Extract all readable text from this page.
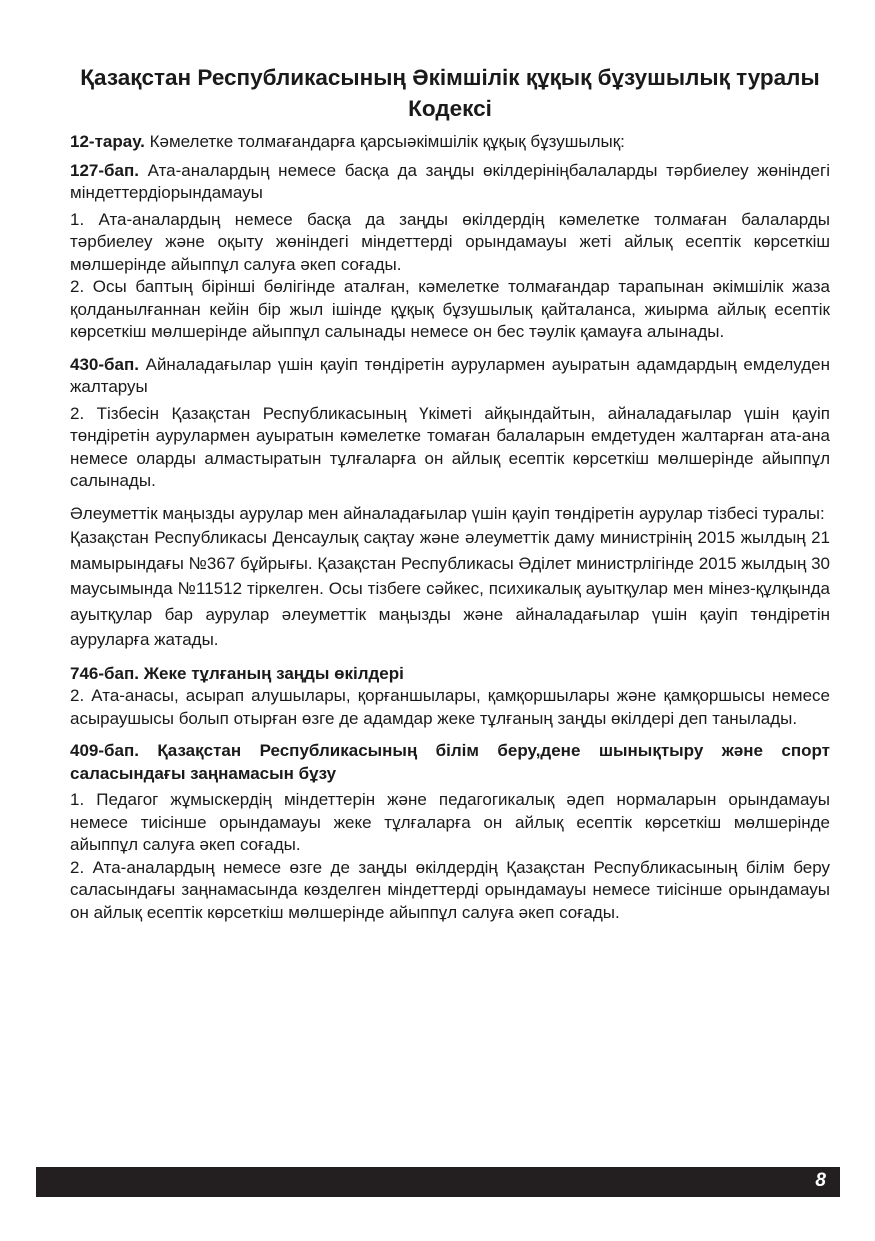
Қазақстан Республикасының Әкімшілік құқық бұзушылық туралы Кодексі

12-тарау. Кәмелетке толмағандарға қарсыәкімшілік құқық бұзушылық:

127-бап. Ата-аналардың немесе басқа да заңды өкілдерініңбалаларды тәрбиелеу жөніндегі міндеттердіорындамауы

1. Ата-аналардың немесе басқа да заңды өкілдердің кәмелетке толмаған балаларды тәрбиелеу және оқыту жөніндегі міндеттерді орындамауы жеті айлық есептік көрсеткіш мөлшерінде айыппұл салуға әкеп соғады.

2. Осы баптың бірінші бөлігінде аталған, кәмелетке толмағандар тарапынан әкімшілік жаза қолданылғаннан кейін бір жыл ішінде құқық бұзушылық қайталанса, жиырма айлық есептік көрсеткіш мөлшерінде айыппұл салынады немесе он бес тәулік қамауға алынады.

430-бап. Айналадағылар үшін қауіп төндіретін аурулармен ауыратын адамдардың емделуден жалтаруы

2. Тізбесін Қазақстан Республикасының Үкіметі айқындайтын, айналадағылар үшін қауіп төндіретін аурулармен ауыратын кәмелетке томаған балаларын емдетуден жалтарған ата-ана немесе оларды алмастыратын тұлғаларға он айлық есептік көрсеткіш мөлшерінде айыппұл салынады.

Әлеуметтік маңызды аурулар мен айналадағылар үшін қауіп төндіретін аурулар тізбесі туралы:

Қазақстан Республикасы Денсаулық сақтау және әлеуметтік даму министрінің 2015 жылдың 21 мамырындағы №367 бұйрығы. Қазақстан Республикасы Әділет министрлігінде 2015 жылдың 30 маусымында №11512 тіркелген. Осы тізбеге сәйкес, психикалық ауытқулар мен мінез-құлқында ауытқулар бар аурулар әлеуметтік маңызды және айналадағылар үшін қауіп төндіретін ауруларға жатады.

746-бап. Жеке тұлғаның заңды өкілдері

2. Ата-анасы, асырап алушылары, қорғаншылары, қамқоршылары және қамқоршысы немесе асыраушысы болып отырған өзге де адамдар жеке тұлғаның заңды өкілдері деп танылады.

409-бап. Қазақстан Республикасының білім беру,дене шынықтыру және спорт саласындағы заңнамасын бұзу

1. Педагог жұмыскердің міндеттерін және педагогикалық әдеп нормаларын орындамауы немесе тиісінше орындамауы жеке тұлғаларға он айлық есептік көрсеткіш мөлшерінде айыппұл салуға әкеп соғады.

2. Ата-аналардың немесе өзге де заңды өкілдердің Қазақстан Республикасының білім беру саласындағы заңнамасында көзделген міндеттерді орындамауы немесе тиісінше орындамауы он айлық есептік көрсеткіш мөлшерінде айыппұл салуға әкеп соғады.

8
